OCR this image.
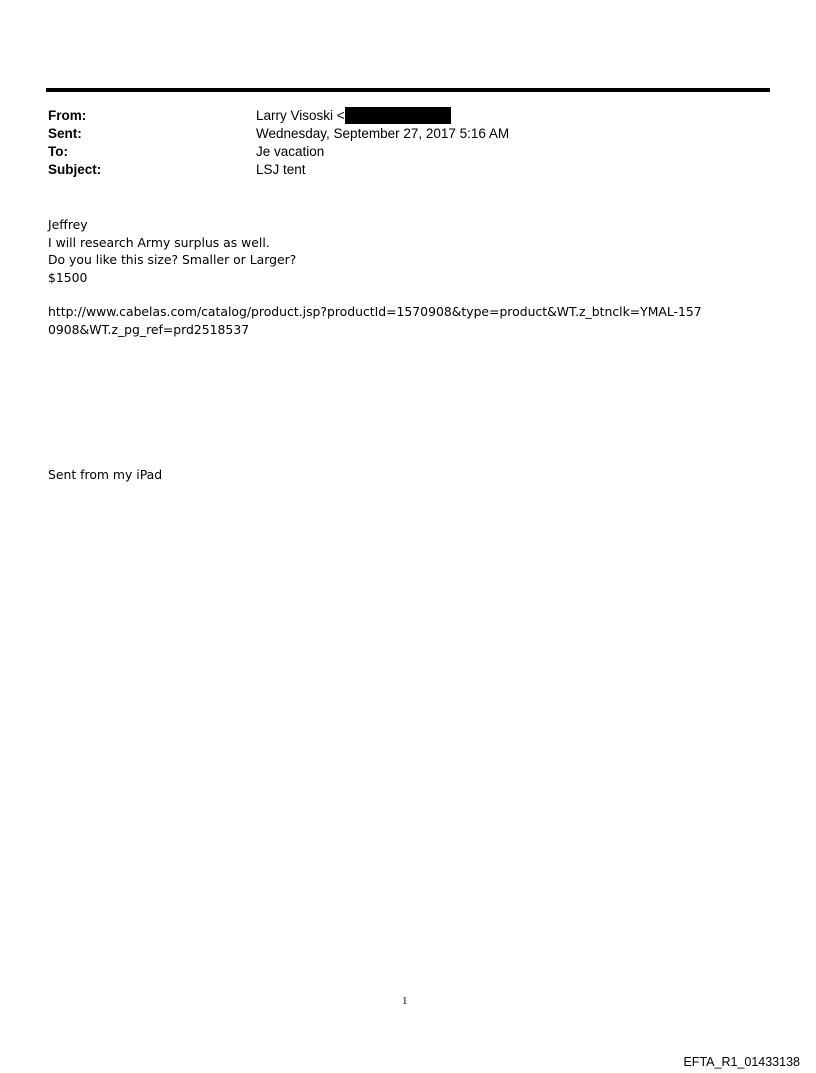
From:	Larry Visoski <
Sent:	Wednesday, September 27, 2017 5:16 AM
To:	Je vacation
Subject:	LSJ tent
Jeffrey
I will research Army surplus as well.
Do you like this size? Smaller or Larger?
$1500
http://www.cabelas.com/catalog/product.jsp?productId=1570908&type=product&WT.z_btnclk=YMAL-1570908&WT.z_pg_ref=prd2518537
Sent from my iPad
1
EFTA_R1_01433138
